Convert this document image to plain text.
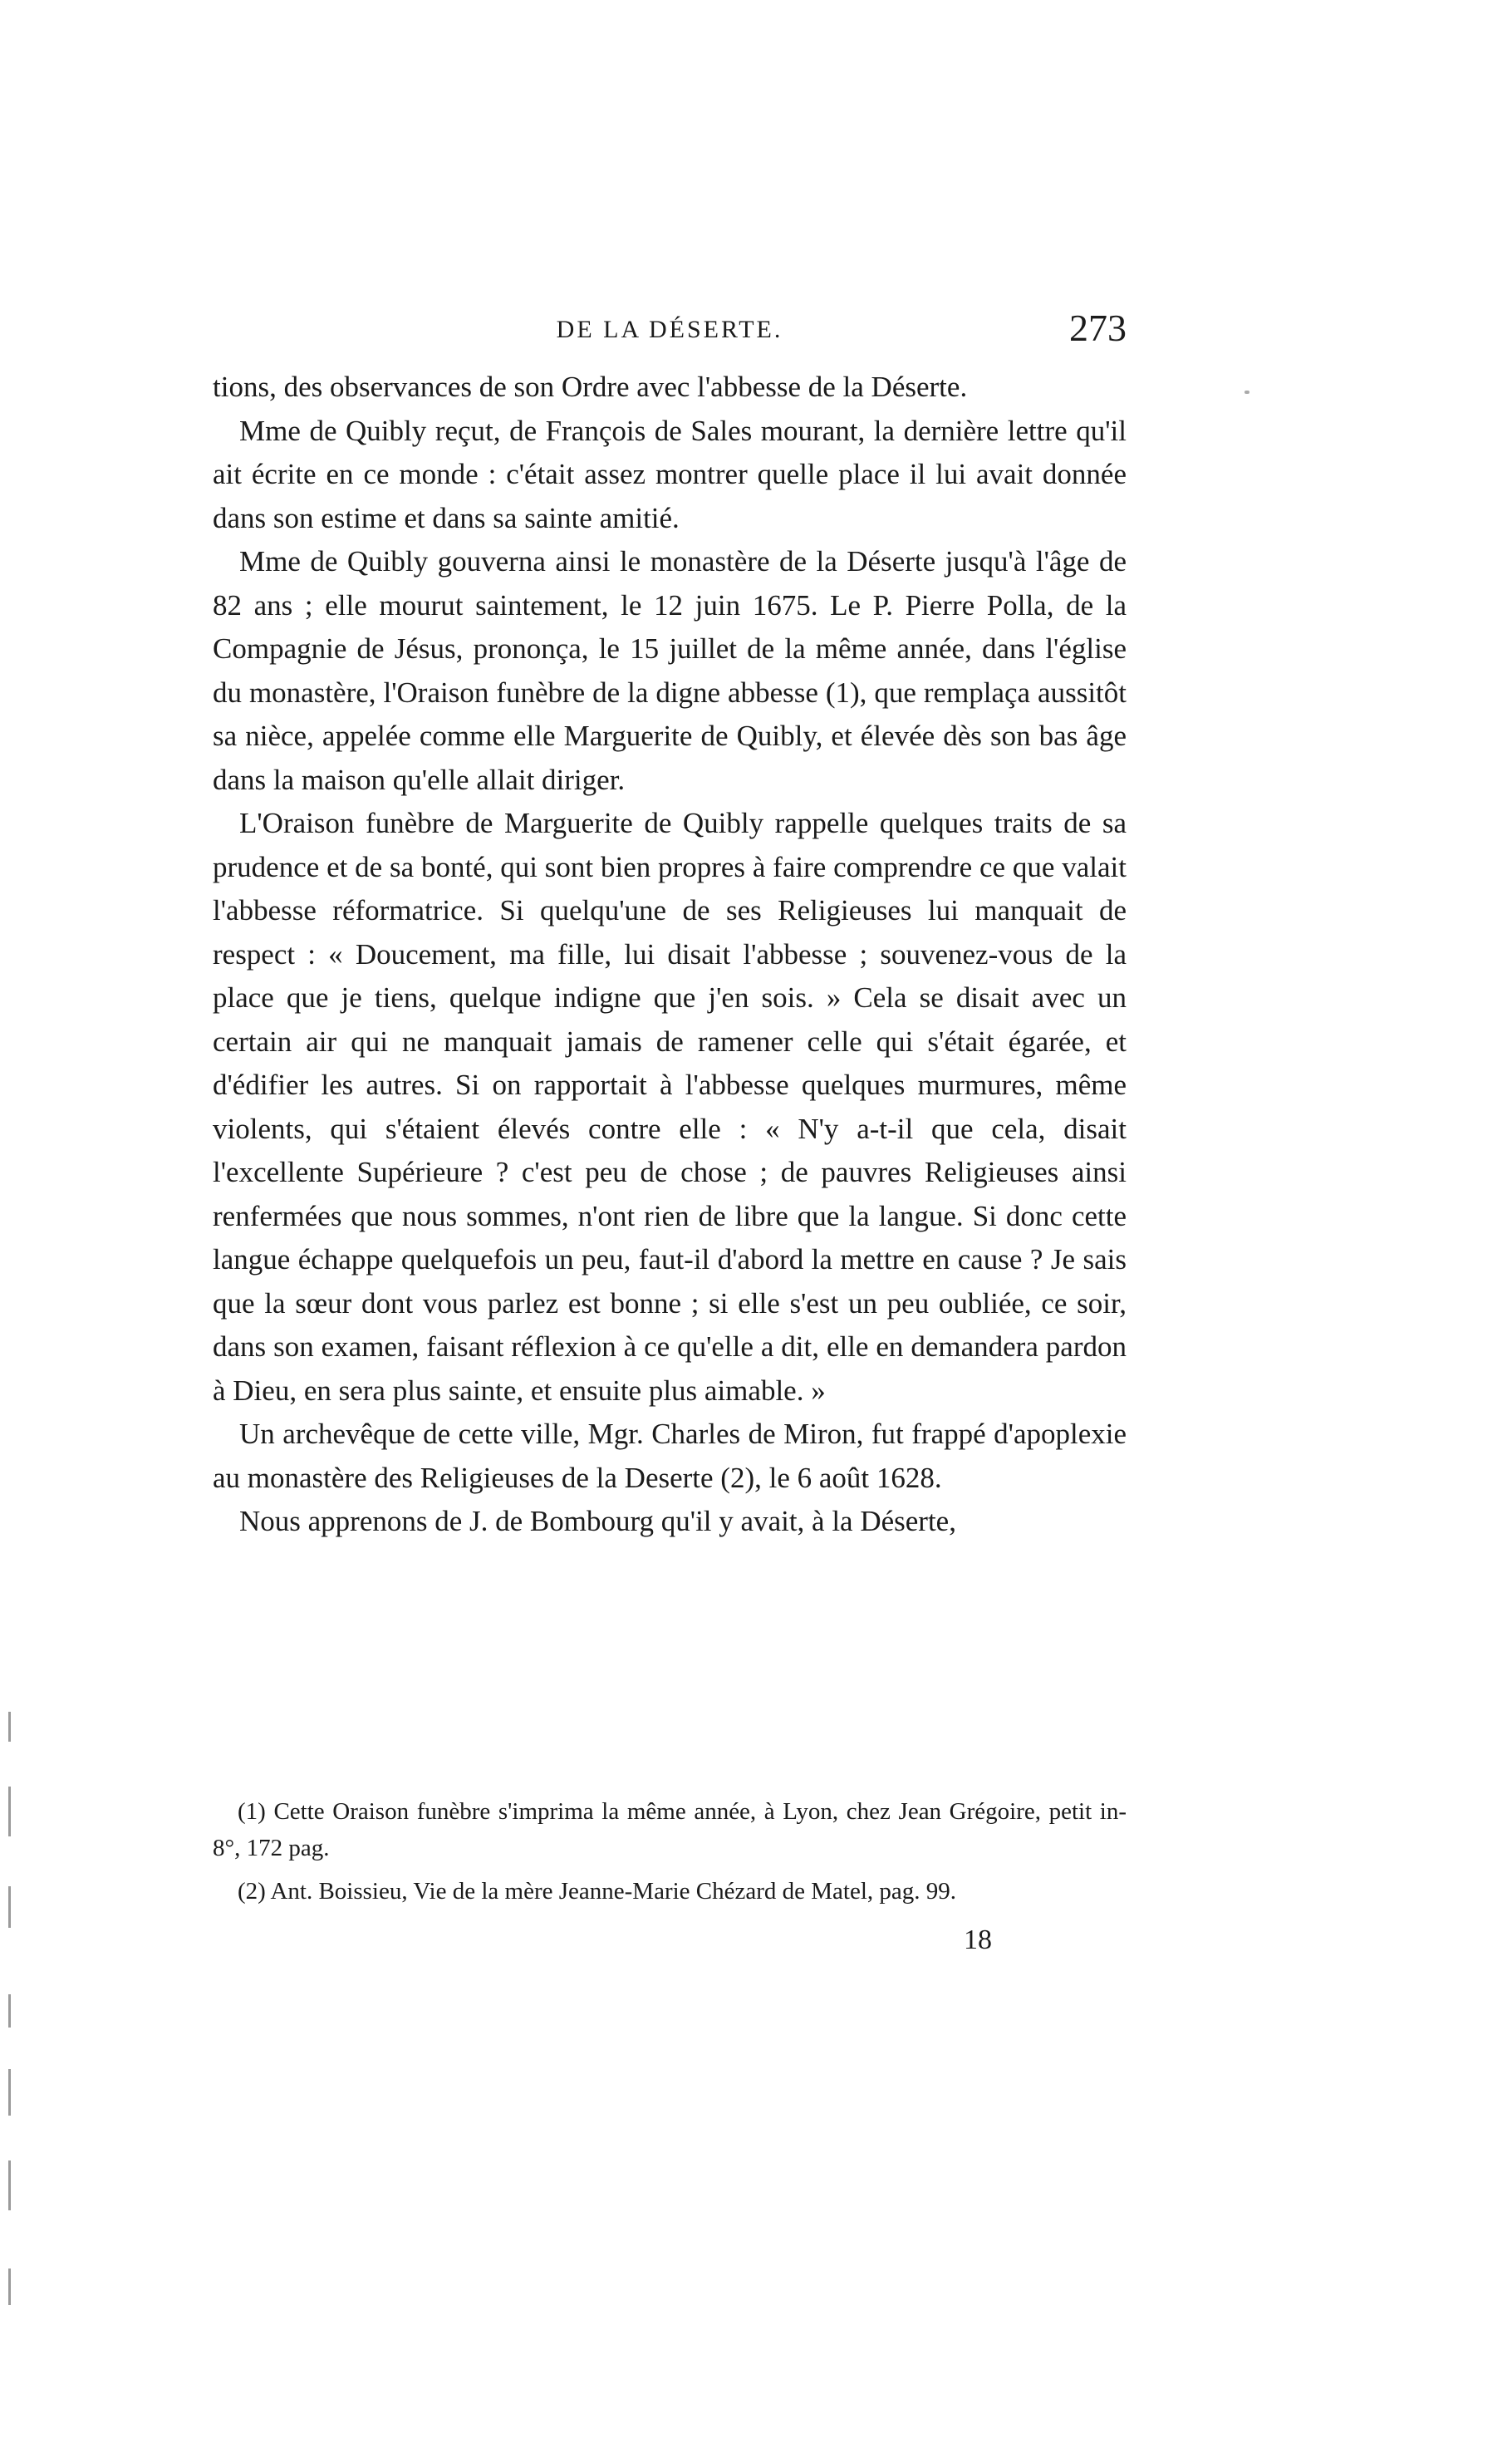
DE LA DÉSERTE.	273

tions, des observances de son Ordre avec l'abbesse de la Déserte.

Mme de Quibly reçut, de François de Sales mourant, la dernière lettre qu'il ait écrite en ce monde : c'était assez montrer quelle place il lui avait donnée dans son estime et dans sa sainte amitié.

Mme de Quibly gouverna ainsi le monastère de la Déserte jusqu'à l'âge de 82 ans ; elle mourut saintement, le 12 juin 1675. Le P. Pierre Polla, de la Compagnie de Jésus, prononça, le 15 juillet de la même année, dans l'église du monastère, l'Oraison funèbre de la digne abbesse (1), que remplaça aussitôt sa nièce, appelée comme elle Marguerite de Quibly, et élevée dès son bas âge dans la maison qu'elle allait diriger.

L'Oraison funèbre de Marguerite de Quibly rappelle quelques traits de sa prudence et de sa bonté, qui sont bien propres à faire comprendre ce que valait l'abbesse réformatrice. Si quelqu'une de ses Religieuses lui manquait de respect : « Doucement, ma fille, lui disait l'abbesse ; souvenez-vous de la place que je tiens, quelque indigne que j'en sois. » Cela se disait avec un certain air qui ne manquait jamais de ramener celle qui s'était égarée, et d'édifier les autres. Si on rapportait à l'abbesse quelques murmures, même violents, qui s'étaient élevés contre elle : « N'y a-t-il que cela, disait l'excellente Supérieure ? c'est peu de chose ; de pauvres Religieuses ainsi renfermées que nous sommes, n'ont rien de libre que la langue. Si donc cette langue échappe quelquefois un peu, faut-il d'abord la mettre en cause ? Je sais que la sœur dont vous parlez est bonne ; si elle s'est un peu oubliée, ce soir, dans son examen, faisant réflexion à ce qu'elle a dit, elle en demandera pardon à Dieu, en sera plus sainte, et ensuite plus aimable. »

Un archevêque de cette ville, Mgr. Charles de Miron, fut frappé d'apoplexie au monastère des Religieuses de la Deserte (2), le 6 août 1628.

Nous apprenons de J. de Bombourg qu'il y avait, à la Déserte,

(1) Cette Oraison funèbre s'imprima la même année, à Lyon, chez Jean Grégoire, petit in-8°, 172 pag.

(2) Ant. Boissieu, Vie de la mère Jeanne-Marie Chézard de Matel, pag. 99.

18
